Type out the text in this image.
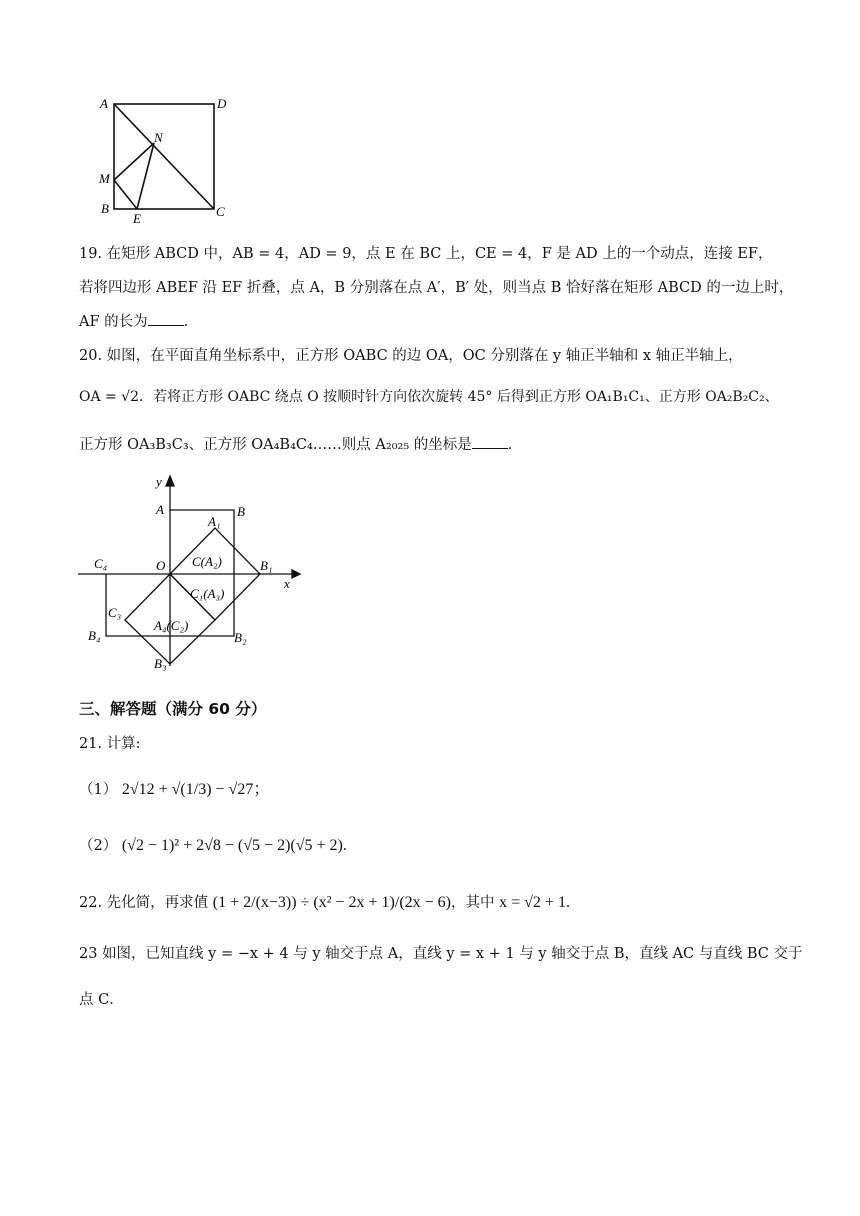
A	D
N
M
B
E	C
19. 在矩形 ABCD 中，AB = 4，AD = 9，点 E 在 BC 上，CE = 4，F 是 AD 上的一个动点，连接 EF，
若将四边形 ABEF 沿 EF 折叠，点 A，B 分别落在点 A′，B′ 处，则当点 B 恰好落在矩形 ABCD 的一边上时，
AF 的长为 .
20. 如图，在平面直角坐标系中，正方形 OABC 的边 OA，OC 分别落在 y 轴正半轴和 x 轴正半轴上，
OA = √2．若将正方形 OABC 绕点 O 按顺时针方向依次旋转 45° 后得到正方形 OA₁B₁C₁、正方形 OA₂B₂C₂、
正方形 OA₃B₃C₃、正方形 OA₄B₄C₄……则点 A₂₀₂₅ 的坐标是 .
y
x
A	B
A₁
O
C₄	C(A₂)	B₁
C₁(A₃)
C₃
A₄(C₂)
B₄	B₂
B₃
三、解答题（满分 60 分）
21. 计算:
（1） 2√12 + √(1/3) − √27；
（2） (√2 − 1)² + 2√8 − (√5 − 2)(√5 + 2).
22. 先化简，再求值 (1 + 2/(x−3)) ÷ (x² − 2x + 1)/(2x − 6)，其中 x = √2 + 1.
23 如图，已知直线 y = −x + 4 与 y 轴交于点 A，直线 y = x + 1 与 y 轴交于点 B，直线 AC 与直线 BC 交于
点 C．
